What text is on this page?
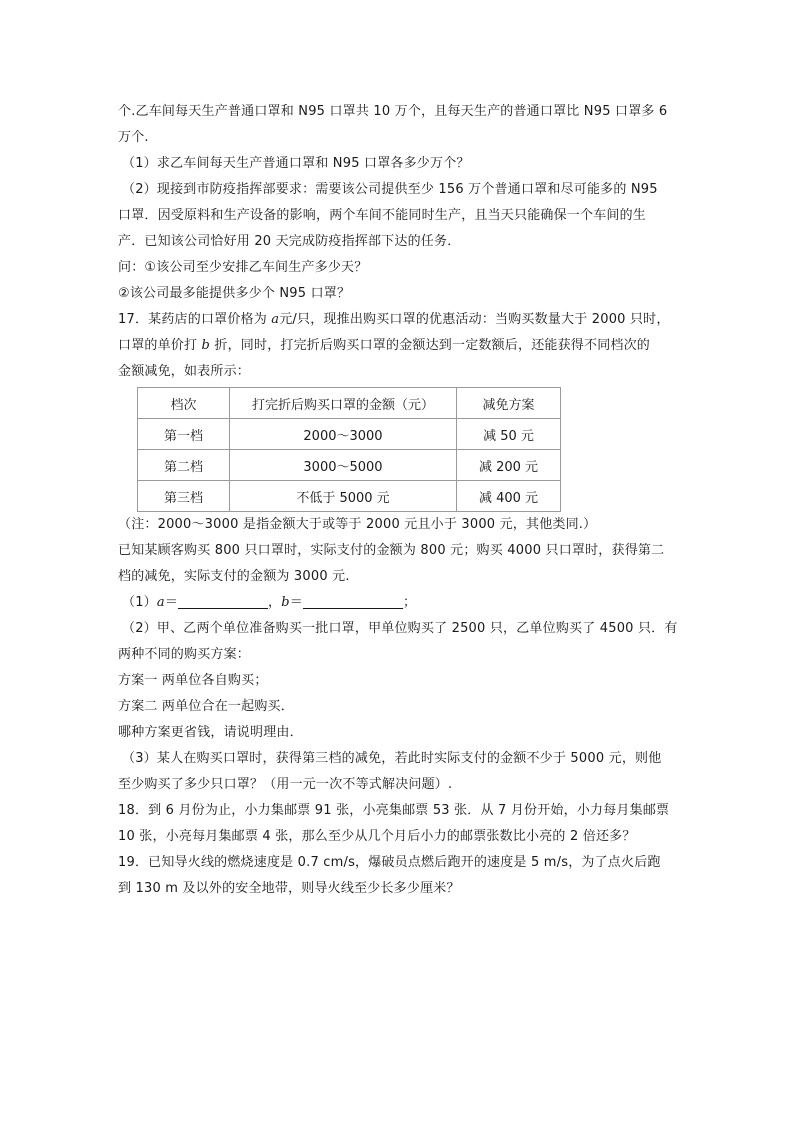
个.乙车间每天生产普通口罩和 N95 口罩共 10 万个，且每天生产的普通口罩比 N95 口罩多 6
万个.
（1）求乙车间每天生产普通口罩和 N95 口罩各多少万个？
（2）现接到市防疫指挥部要求：需要该公司提供至少 156 万个普通口罩和尽可能多的 N95
口罩．因受原料和生产设备的影响，两个车间不能同时生产，且当天只能确保一个车间的生
产．已知该公司恰好用 20 天完成防疫指挥部下达的任务．
问：①该公司至少安排乙车间生产多少天？
②该公司最多能提供多少个 N95 口罩？
17．某药店的口罩价格为 a元/只，现推出购买口罩的优惠活动：当购买数量大于 2000 只时，
口罩的单价打 b 折，同时，打完折后购买口罩的金额达到一定数额后，还能获得不同档次的
金额减免，如表所示：
档次	打完折后购买口罩的金额（元）	减免方案
第一档	2000～3000	减 50 元
第二档	3000～5000	减 200 元
第三档	不低于 5000 元	减 400 元
（注：2000～3000 是指金额大于或等于 2000 元且小于 3000 元，其他类同.）
已知某顾客购买 800 只口罩时，实际支付的金额为 800 元；购买 4000 只口罩时，获得第二
档的减免，实际支付的金额为 3000 元.
（1）a＝	，b＝	；
（2）甲、乙两个单位准备购买一批口罩，甲单位购买了 2500 只，乙单位购买了 4500 只．有
两种不同的购买方案：
方案一 两单位各自购买；
方案二 两单位合在一起购买．
哪种方案更省钱，请说明理由．
（3）某人在购买口罩时，获得第三档的减免，若此时实际支付的金额不少于 5000 元，则他
至少购买了多少只口罩？（用一元一次不等式解决问题）.
18．到 6 月份为止，小力集邮票 91 张，小亮集邮票 53 张．从 7 月份开始，小力每月集邮票
10 张，小亮每月集邮票 4 张，那么至少从几个月后小力的邮票张数比小亮的 2 倍还多？
19．已知导火线的燃烧速度是 0.7 cm/s，爆破员点燃后跑开的速度是 5 m/s，为了点火后跑
到 130 m 及以外的安全地带，则导火线至少长多少厘米？
